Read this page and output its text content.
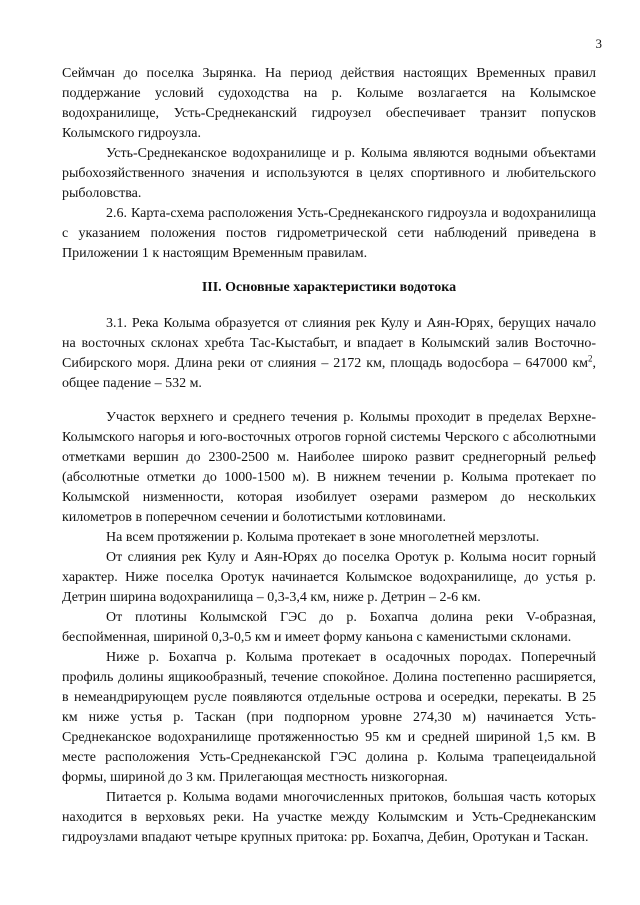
3

Сеймчан до поселка Зырянка. На период действия настоящих Временных правил поддержание условий судоходства на р. Колыме возлагается на Колымское водохранилище, Усть-Среднеканский гидроузел обеспечивает транзит попусков Колымского гидроузла.

Усть-Среднеканское водохранилище и р. Колыма являются водными объектами рыбохозяйственного значения и используются в целях спортивного и любительского рыболовства.

2.6. Карта-схема расположения Усть-Среднеканского гидроузла и водохранилища с указанием положения постов гидрометрической сети наблюдений приведена в Приложении 1 к настоящим Временным правилам.

III. Основные характеристики водотока

3.1. Река Колыма образуется от слияния рек Кулу и Аян-Юрях, берущих начало на восточных склонах хребта Тас-Кыстабыт, и впадает в Колымский залив Восточно-Сибирского моря. Длина реки от слияния – 2172 км, площадь водосбора – 647000 $км^2$, общее падение – 532 м.

Участок верхнего и среднего течения р. Колымы проходит в пределах Верхне-Колымского нагорья и юго-восточных отрогов горной системы Черского с абсолютными отметками вершин до 2300-2500 м. Наиболее широко развит среднегорный рельеф (абсолютные отметки до 1000-1500 м). В нижнем течении р. Колыма протекает по Колымской низменности, которая изобилует озерами размером до нескольких километров в поперечном сечении и болотистыми котловинами.

На всем протяжении р. Колыма протекает в зоне многолетней мерзлоты.

От слияния рек Кулу и Аян-Юрях до поселка Оротук р. Колыма носит горный характер. Ниже поселка Оротук начинается Колымское водохранилище, до устья р. Детрин ширина водохранилища – 0,3-3,4 км, ниже р. Детрин – 2-6 км.

От плотины Колымской ГЭС до р. Бохапча долина реки V-образная, беспойменная, шириной 0,3-0,5 км и имеет форму каньона с каменистыми склонами.

Ниже р. Бохапча р. Колыма протекает в осадочных породах. Поперечный профиль долины ящикообразный, течение спокойное. Долина постепенно расширяется, в немеандрирующем русле появляются отдельные острова и осередки, перекаты. В 25 км ниже устья р. Таскан (при подпорном уровне 274,30 м) начинается Усть-Среднеканское водохранилище протяженностью 95 км и средней шириной 1,5 км. В месте расположения Усть-Среднеканской ГЭС долина р. Колыма трапецеидальной формы, шириной до 3 км. Прилегающая местность низкогорная.

Питается р. Колыма водами многочисленных притоков, большая часть которых находится в верховьях реки. На участке между Колымским и Усть-Среднеканским гидроузлами впадают четыре крупных притока: рр. Бохапча, Дебин, Оротукан и Таскан.
